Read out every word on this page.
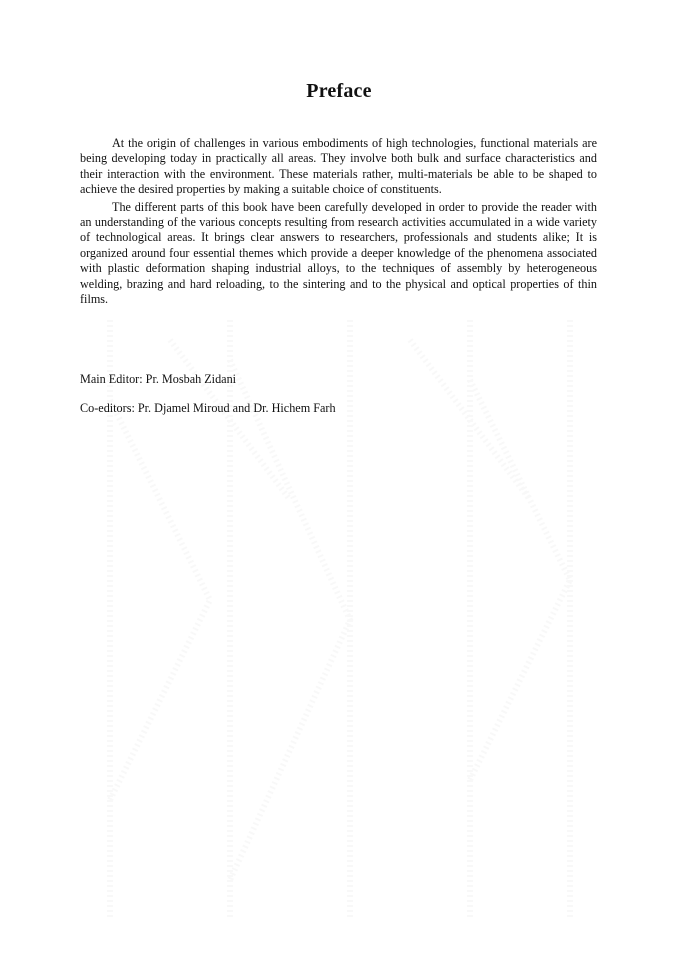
Preface

At the origin of challenges in various embodiments of high technologies, functional materials are being developing today in practically all areas. They involve both bulk and surface characteristics and their interaction with the environment. These materials rather, multi-materials be able to be shaped to achieve the desired properties by making a suitable choice of constituents.

The different parts of this book have been carefully developed in order to provide the reader with an understanding of the various concepts resulting from research activities accumulated in a wide variety of technological areas. It brings clear answers to researchers, professionals and students alike; It is organized around four essential themes which provide a deeper knowledge of the phenomena associated with plastic deformation shaping industrial alloys, to the techniques of assembly by heterogeneous welding, brazing and hard reloading, to the sintering and to the physical and optical properties of thin films.

Main Editor: Pr. Mosbah Zidani
Co-editors: Pr. Djamel Miroud and Dr. Hichem Farh
